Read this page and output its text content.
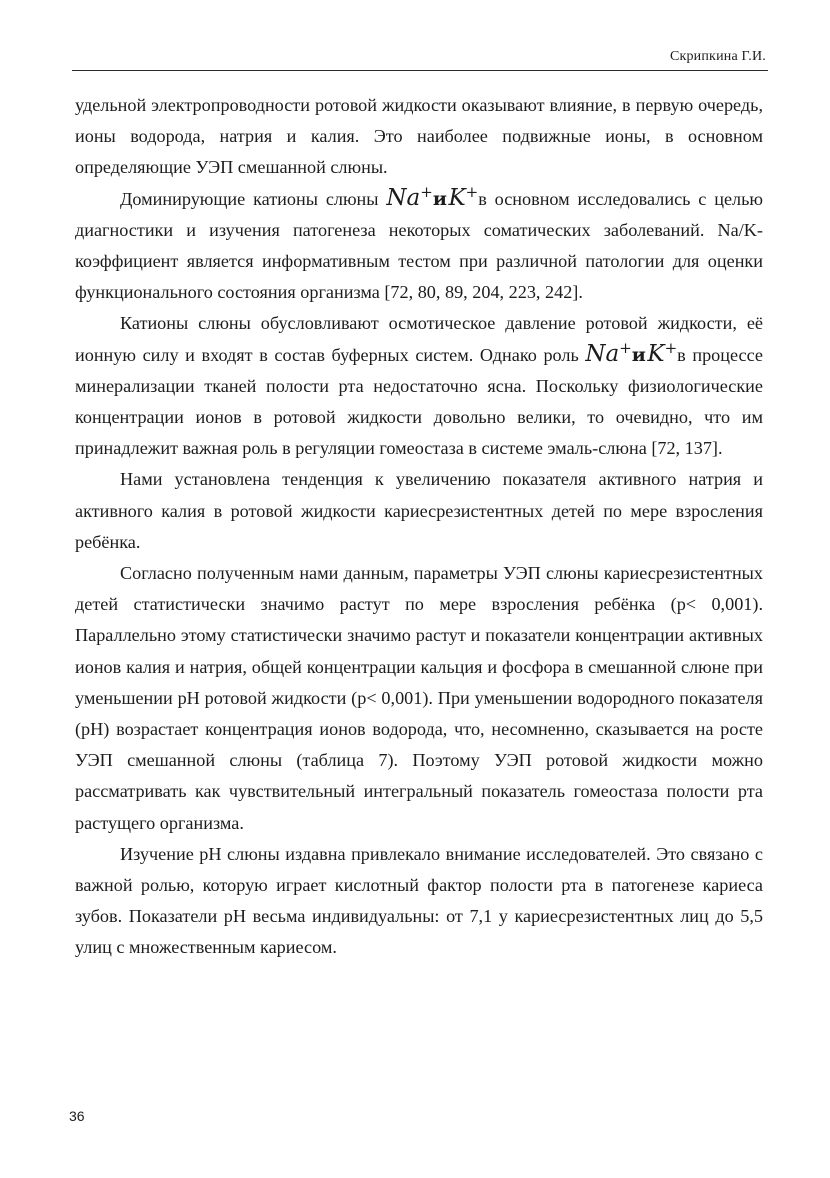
Скрипкина Г.И.

удельной электропроводности ротовой жидкости оказывают влияние, в первую очередь, ионы водорода, натрия и калия. Это наиболее подвижные ионы, в основном определяющие УЭП смешанной слюны.

Доминирующие катионы слюны Na+и K+в основном исследовались с целью диагностики и изучения патогенеза некоторых соматических заболеваний. Na/K-коэффициент является информативным тестом при различной патологии для оценки функционального состояния организма [72, 80, 89, 204, 223, 242].

Катионы слюны обусловливают осмотическое давление ротовой жидкости, её ионную силу и входят в состав буферных систем. Однако роль Na+и K+в процессе минерализации тканей полости рта недостаточно ясна. Поскольку физиологические концентрации ионов в ротовой жидкости довольно велики, то очевидно, что им принадлежит важная роль в регуляции гомеостаза в системе эмаль-слюна [72, 137].

Нами установлена тенденция к увеличению показателя активного натрия и активного калия в ротовой жидкости кариесрезистентных детей по мере взросления ребёнка.

Согласно полученным нами данным, параметры УЭП слюны кариесрезистентных детей статистически значимо растут по мере взросления ребёнка (p< 0,001). Параллельно этому статистически значимо растут и показатели концентрации активных ионов калия и натрия, общей концентрации кальция и фосфора в смешанной слюне при уменьшении pH ротовой жидкости (p< 0,001). При уменьшении водородного показателя (pH) возрастает концентрация ионов водорода, что, несомненно, сказывается на росте УЭП смешанной слюны (таблица 7). Поэтому УЭП ротовой жидкости можно рассматривать как чувствительный интегральный показатель гомеостаза полости рта растущего организма.

Изучение pH слюны издавна привлекало внимание исследователей. Это связано с важной ролью, которую играет кислотный фактор полости рта в патогенезе кариеса зубов. Показатели pH весьма индивидуальны: от 7,1 у кариесрезистентных лиц до 5,5 улиц с множественным кариесом.

36
